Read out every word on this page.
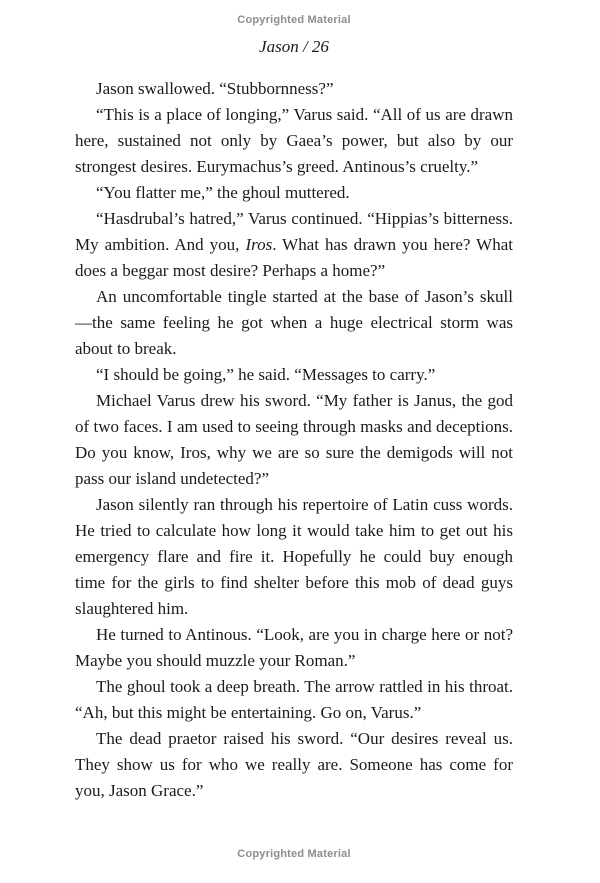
Copyrighted Material
Jason / 26

Jason swallowed. “Stubbornness?”

“This is a place of longing,” Varus said. “All of us are drawn here, sustained not only by Gaea’s power, but also by our strongest desires. Eurymachus’s greed. Antinous’s cruelty.”

“You flatter me,” the ghoul muttered.

“Hasdrubal’s hatred,” Varus continued. “Hippias’s bitterness. My ambition. And you, Iros. What has drawn you here? What does a beggar most desire? Perhaps a home?”

An uncomfortable tingle started at the base of Jason’s skull—the same feeling he got when a huge electrical storm was about to break.

“I should be going,” he said. “Messages to carry.”

Michael Varus drew his sword. “My father is Janus, the god of two faces. I am used to seeing through masks and deceptions. Do you know, Iros, why we are so sure the demigods will not pass our island undetected?”

Jason silently ran through his repertoire of Latin cuss words. He tried to calculate how long it would take him to get out his emergency flare and fire it. Hopefully he could buy enough time for the girls to find shelter before this mob of dead guys slaughtered him.

He turned to Antinous. “Look, are you in charge here or not? Maybe you should muzzle your Roman.”

The ghoul took a deep breath. The arrow rattled in his throat. “Ah, but this might be entertaining. Go on, Varus.”

The dead praetor raised his sword. “Our desires reveal us. They show us for who we really are. Someone has come for you, Jason Grace.”

Copyrighted Material
